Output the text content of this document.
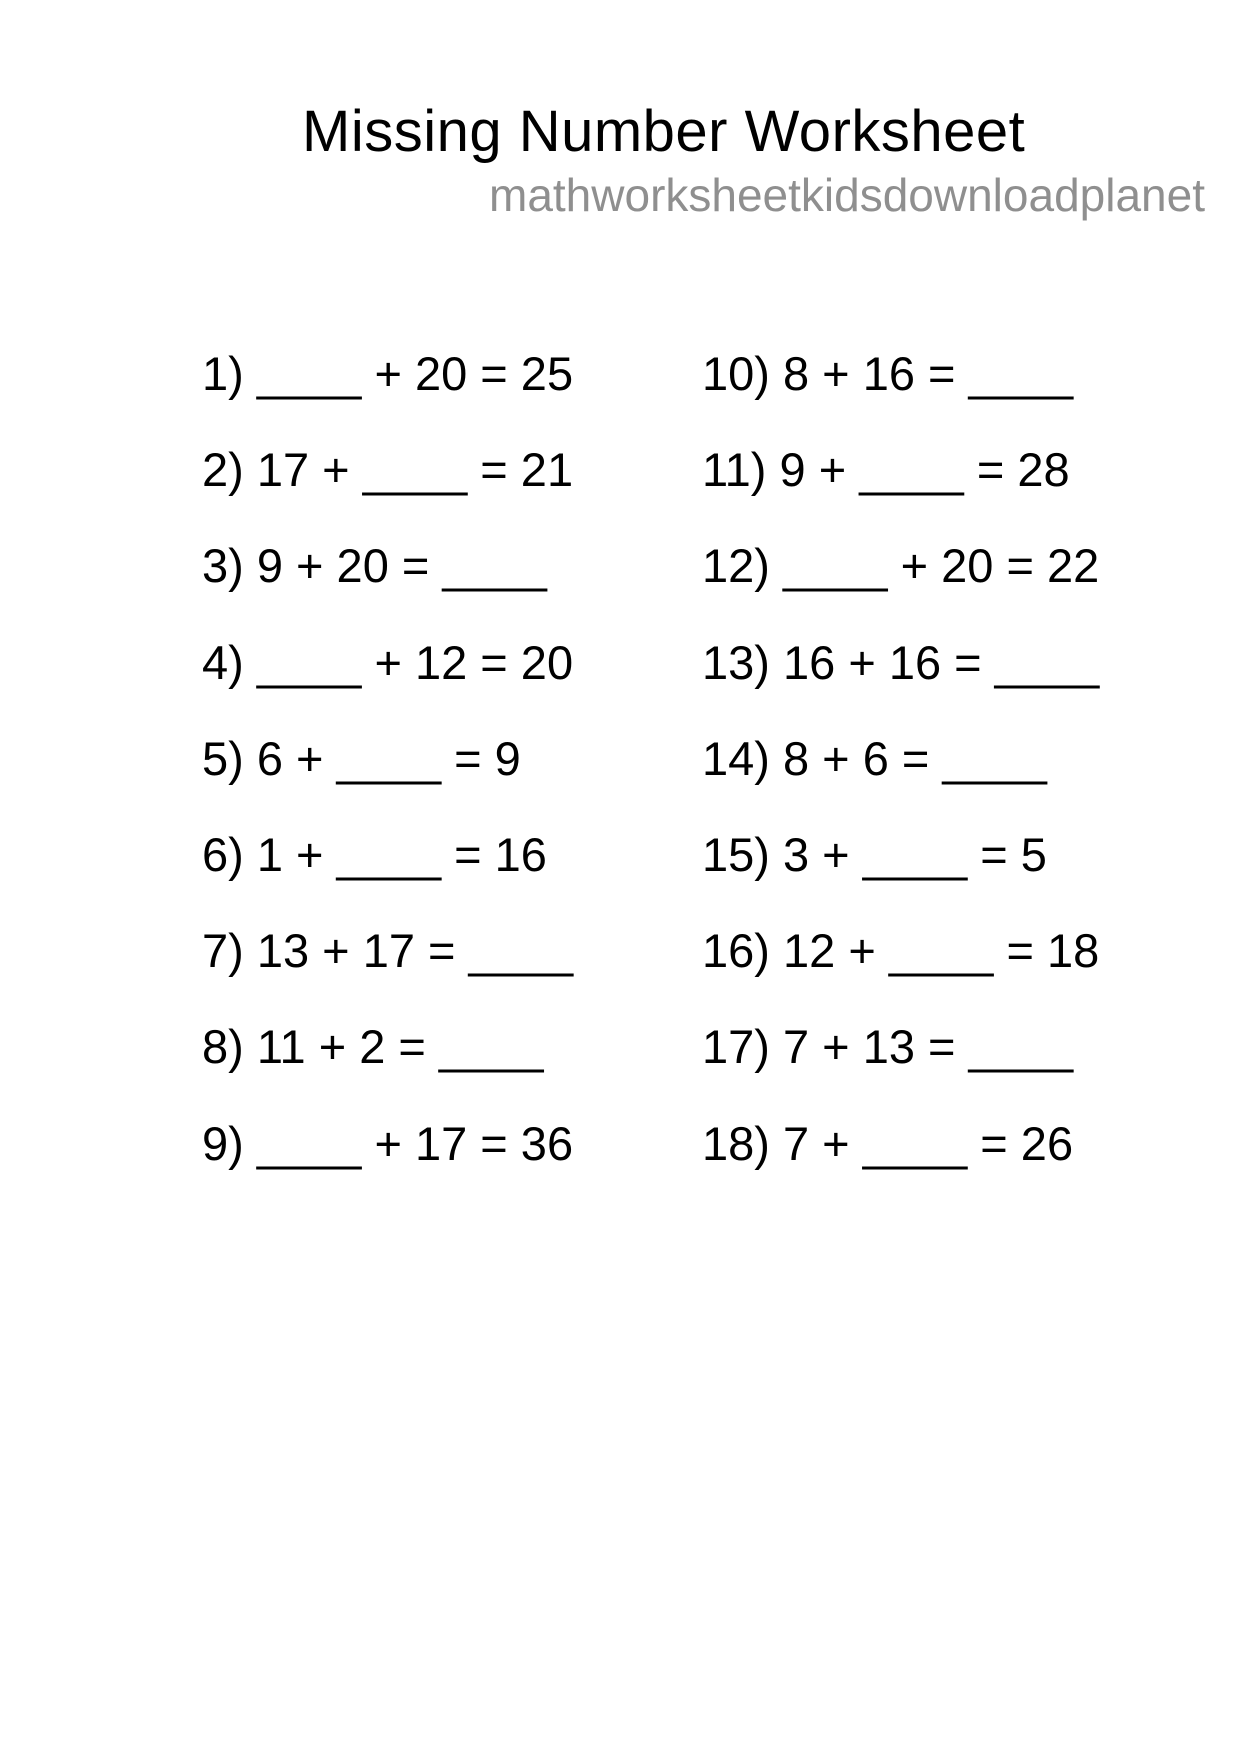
Missing Number Worksheet
mathworksheetkidsdownloadplanet
1) ____ + 20 = 25
2) 17 + ____ = 21
3) 9 + 20 = ____
4) ____ + 12 = 20
5) 6 + ____ = 9
6) 1 + ____ = 16
7) 13 + 17 = ____
8) 11 + 2 = ____
9) ____ + 17 = 36
10) 8 + 16 = ____
11) 9 + ____ = 28
12) ____ + 20 = 22
13) 16 + 16 = ____
14) 8 + 6 = ____
15) 3 + ____ = 5
16) 12 + ____ = 18
17) 7 + 13 = ____
18) 7 + ____ = 26
